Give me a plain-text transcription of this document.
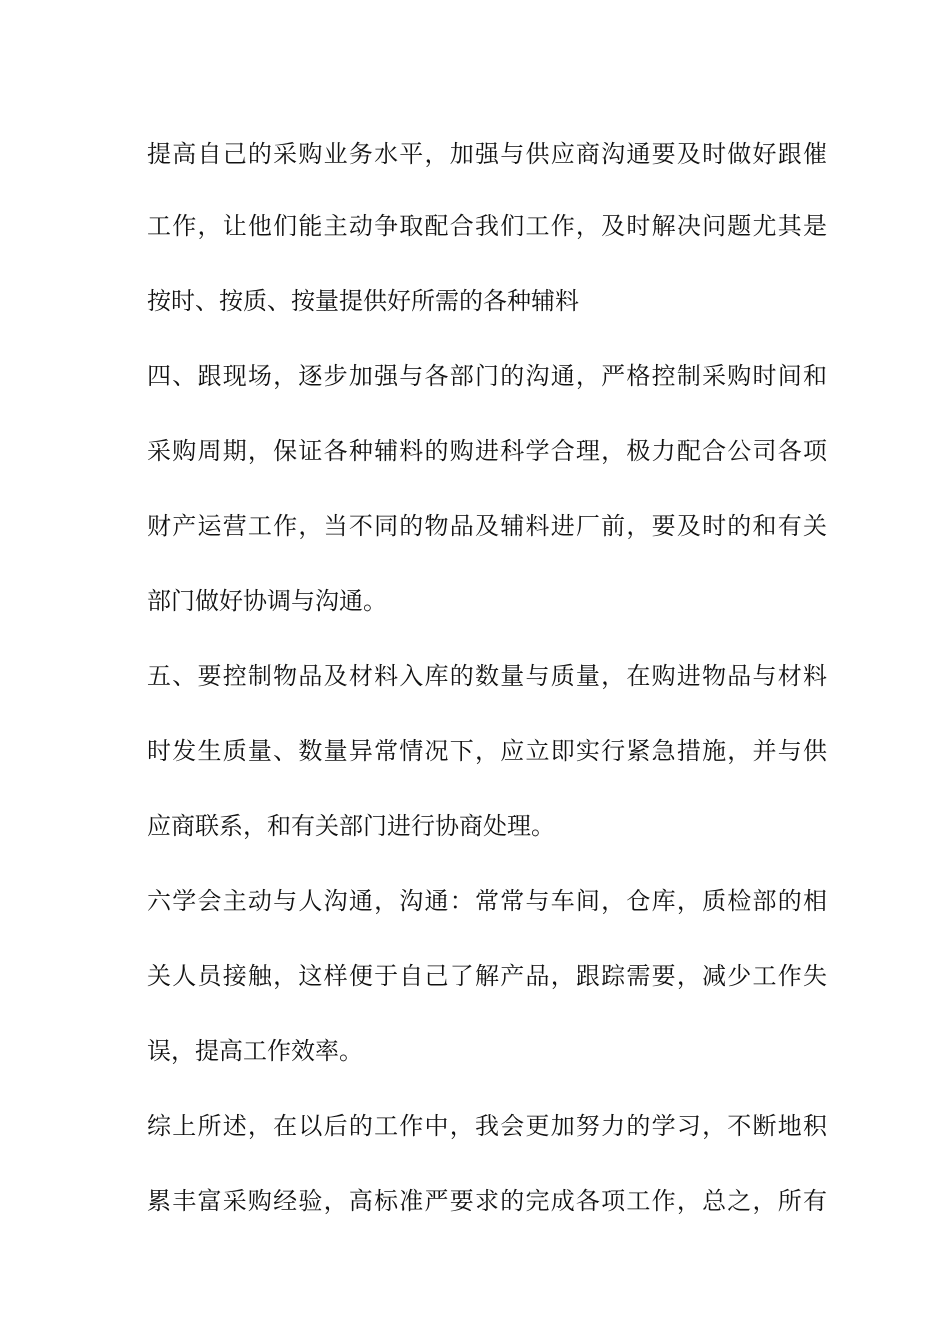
提高自己的采购业务水平，加强与供应商沟通要及时做好跟催
工作，让他们能主动争取配合我们工作，及时解决问题尤其是
按时、按质、按量提供好所需的各种辅料
四、跟现场，逐步加强与各部门的沟通，严格控制采购时间和
采购周期，保证各种辅料的购进科学合理，极力配合公司各项
财产运营工作，当不同的物品及辅料进厂前，要及时的和有关
部门做好协调与沟通。
五、要控制物品及材料入库的数量与质量，在购进物品与材料
时发生质量、数量异常情况下，应立即实行紧急措施，并与供
应商联系，和有关部门进行协商处理。
六学会主动与人沟通，沟通：常常与车间，仓库，质检部的相
关人员接触，这样便于自己了解产品，跟踪需要，减少工作失
误，提高工作效率。
综上所述，在以后的工作中，我会更加努力的学习，不断地积
累丰富采购经验，高标准严要求的完成各项工作，总之，所有
